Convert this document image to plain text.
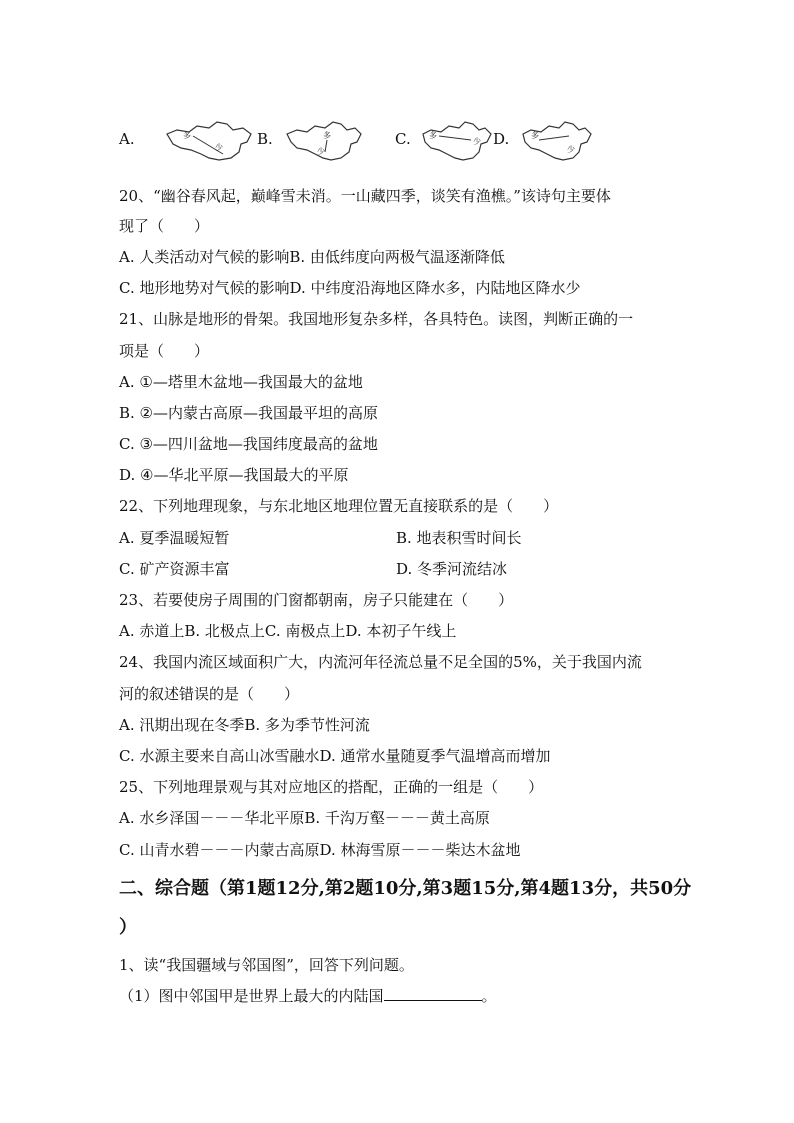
A.	多
少 B.	多
少
C. 多
少 D.	多
少
20、“幽谷春风起，巅峰雪未消。一山藏四季，谈笑有渔樵。”该诗句主要体
现了（　　）
A. 人类活动对气候的影响B. 由低纬度向两极气温逐渐降低
C. 地形地势对气候的影响D. 中纬度沿海地区降水多，内陆地区降水少
21、山脉是地形的骨架。我国地形复杂多样，各具特色。读图，判断正确的一
项是（　　）
A. ①—塔里木盆地—我国最大的盆地
B. ②—内蒙古高原—我国最平坦的高原
C. ③—四川盆地—我国纬度最高的盆地
D. ④—华北平原—我国最大的平原
22、下列地理现象，与东北地区地理位置无直接联系的是（　　）
A. 夏季温暖短暂	B. 地表积雪时间长
C. 矿产资源丰富	D. 冬季河流结冰
23、若要使房子周围的门窗都朝南，房子只能建在（　　）
A. 赤道上B. 北极点上C. 南极点上D. 本初子午线上
24、我国内流区域面积广大，内流河年径流总量不足全国的5%，关于我国内流
河的叙述错误的是（　　）
A. 汛期出现在冬季B. 多为季节性河流
C. 水源主要来自高山冰雪融水D. 通常水量随夏季气温增高而增加
25、下列地理景观与其对应地区的搭配，正确的一组是（　　）
A. 水乡泽国－－－华北平原B. 千沟万壑－－－黄土高原
C. 山青水碧－－－内蒙古高原D. 林海雪原－－－柴达木盆地
二、综合题（第1题12分,第2题10分,第3题15分,第4题13分，共50分
）
1、读“我国疆域与邻国图”，回答下列问题。
（1）图中邻国甲是世界上最大的内陆国	。
